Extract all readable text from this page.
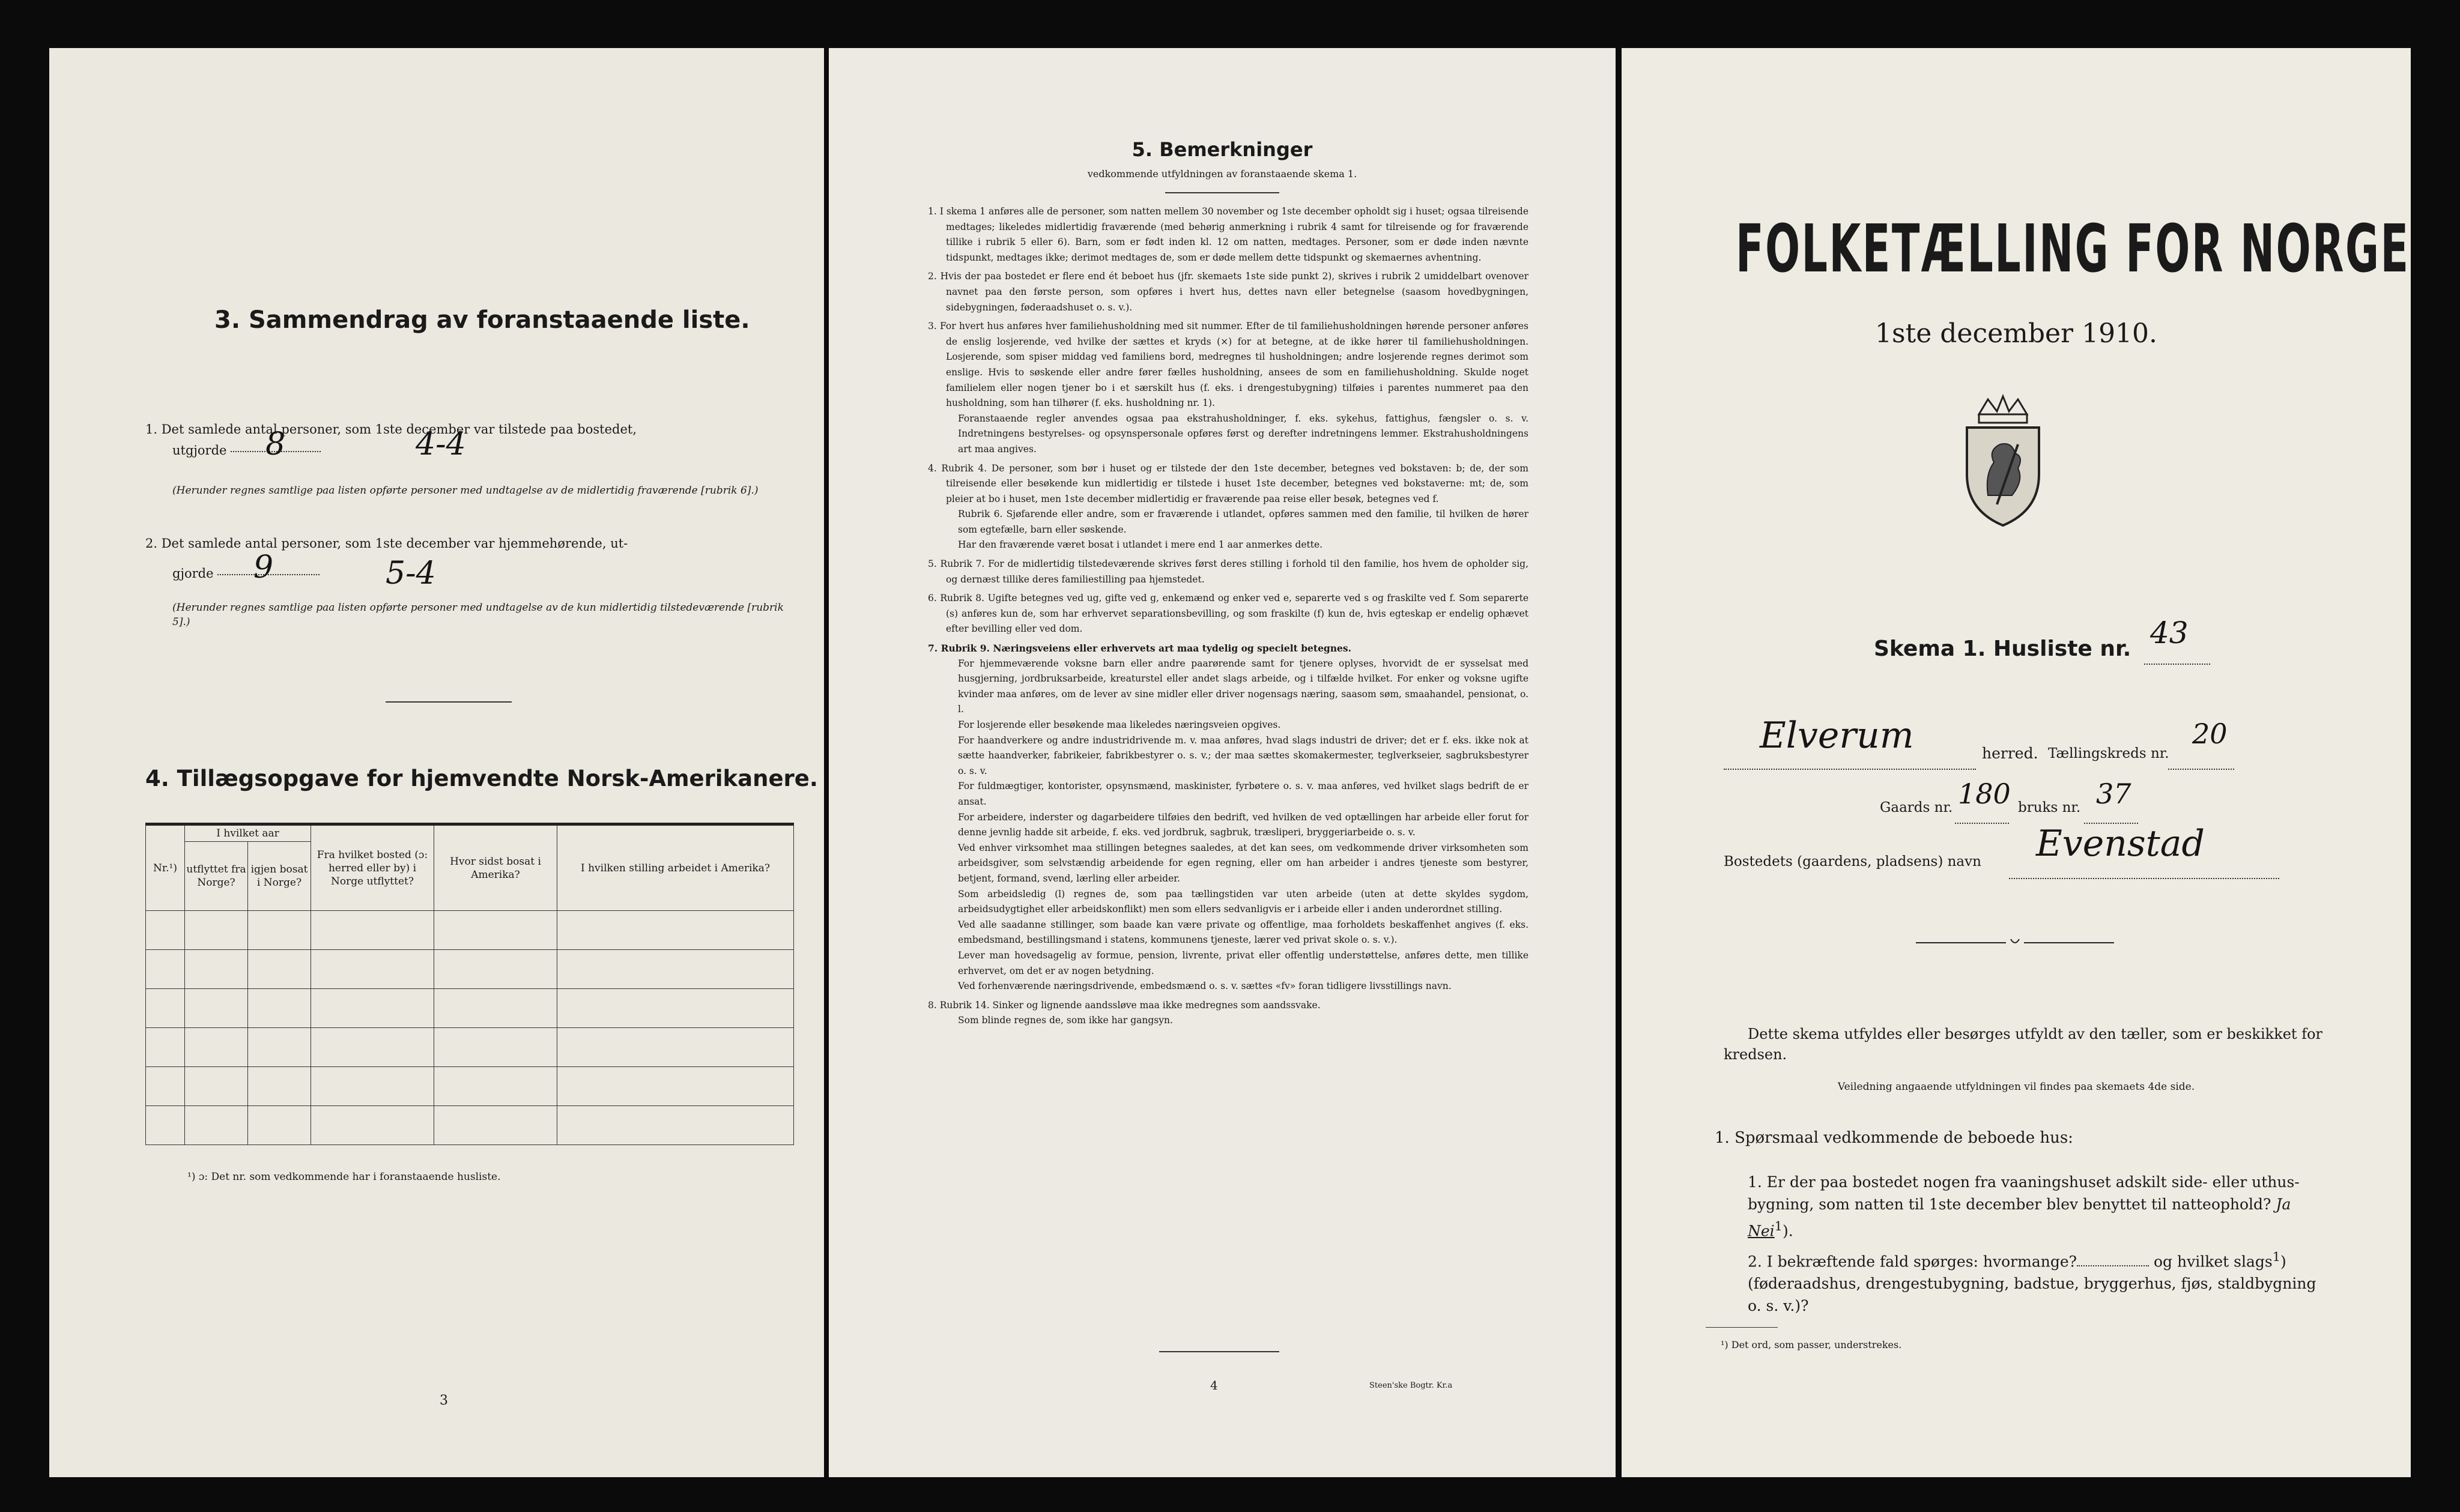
3. Sammendrag av foranstaaende liste.
1. Det samlede antal personer, som 1ste december var tilstede paa bostedet,
utgjorde	8	4-4
(Herunder regnes samtlige paa listen opførte personer med undtagelse av de midlertidig fraværende [rubrik 6].)
2. Det samlede antal personer, som 1ste december var hjemmehørende, ut-
gjorde	9	5-4
(Herunder regnes samtlige paa listen opførte personer med undtagelse av de kun midlertidig tilstedeværende [rubrik 5].)
4. Tillægsopgave for hjemvendte Norsk-Amerikanere.
Nr.¹)	I hvilket aar		Fra hvilket bosted (ɔ: herred eller by) i Norge utflyttet?	Hvor sidst bosat i Amerika?	I hvilken stilling arbeidet i Amerika?
	utflyttet fra Norge?	igjen bosat i Norge?			

¹) ɔ: Det nr. som vedkommende har i foranstaaende husliste.
3
5. Bemerkninger
vedkommende utfyldningen av foranstaaende skema 1.

1. I skema 1 anføres alle de personer, som natten mellem 30 november og 1ste december opholdt sig i huset; ogsaa tilreisende medtages; likeledes midlertidig fraværende (med behørig anmerkning i rubrik 4 samt for tilreisende og for fraværende tillike i rubrik 5 eller 6). Barn, som er født inden kl. 12 om natten, medtages. Personer, som er døde inden nævnte tidspunkt, medtages ikke; derimot medtages de, som er døde mellem dette tidspunkt og skemaernes avhentning.

2. Hvis der paa bostedet er flere end ét beboet hus (jfr. skemaets 1ste side punkt 2), skrives i rubrik 2 umiddelbart ovenover navnet paa den første person, som opføres i hvert hus, dettes navn eller betegnelse (saasom hovedbygningen, sidebygningen, føderaadshuset o. s. v.).

3. For hvert hus anføres hver familiehusholdning med sit nummer. Efter de til familiehusholdningen hørende personer anføres de enslig losjerende, ved hvilke der sættes et kryds (×) for at betegne, at de ikke hører til familiehusholdningen. Losjerende, som spiser middag ved familiens bord, medregnes til husholdningen; andre losjerende regnes derimot som enslige. Hvis to søskende eller andre fører fælles husholdning, ansees de som en familiehusholdning. Skulde noget familielem eller nogen tjener bo i et særskilt hus (f. eks. i drengestubygning) tilføies i parentes nummeret paa den husholdning, som han tilhører (f. eks. husholdning nr. 1).

Foranstaaende regler anvendes ogsaa paa ekstrahusholdninger, f. eks. sykehus, fattighus, fængsler o. s. v. Indretningens bestyrelses- og opsynspersonale opføres først og derefter indretningens lemmer. Ekstrahusholdningens art maa angives.

4. Rubrik 4. De personer, som bør i huset og er tilstede der den 1ste december, betegnes ved bokstaven: b; de, der som tilreisende eller besøkende kun midlertidig er tilstede i huset 1ste december, betegnes ved bokstaverne: mt; de, som pleier at bo i huset, men 1ste december midlertidig er fraværende paa reise eller besøk, betegnes ved f.

Rubrik 6. Sjøfarende eller andre, som er fraværende i utlandet, opføres sammen med den familie, til hvilken de hører som egtefælle, barn eller søskende.

Har den fraværende været bosat i utlandet i mere end 1 aar anmerkes dette.

5. Rubrik 7. For de midlertidig tilstedeværende skrives først deres stilling i forhold til den familie, hos hvem de opholder sig, og dernæst tillike deres familiestilling paa hjemstedet.

6. Rubrik 8. Ugifte betegnes ved ug, gifte ved g, enkemænd og enker ved e, separerte ved s og fraskilte ved f. Som separerte (s) anføres kun de, som har erhvervet separationsbevilling, og som fraskilte (f) kun de, hvis egteskap er endelig ophævet efter bevilling eller ved dom.

7. Rubrik 9. Næringsveiens eller erhvervets art maa tydelig og specielt betegnes.

For hjemmeværende voksne barn eller andre paarørende samt for tjenere oplyses, hvorvidt de er sysselsat med husgjerning, jordbruksarbeide, kreaturstel eller andet slags arbeide, og i tilfælde hvilket. For enker og voksne ugifte kvinder maa anføres, om de lever av sine midler eller driver nogensags næring, saasom søm, smaahandel, pensionat, o. l.

For losjerende eller besøkende maa likeledes næringsveien opgives.

For haandverkere og andre industridrivende m. v. maa anføres, hvad slags industri de driver; det er f. eks. ikke nok at sætte haandverker, fabrikeier, fabrikbestyrer o. s. v.; der maa sættes skomakermester, teglverkseier, sagbruksbestyrer o. s. v.

For fuldmægtiger, kontorister, opsynsmænd, maskinister, fyrbøtere o. s. v. maa anføres, ved hvilket slags bedrift de er ansat.

For arbeidere, inderster og dagarbeidere tilføies den bedrift, ved hvilken de ved optællingen har arbeide eller forut for denne jevnlig hadde sit arbeide, f. eks. ved jordbruk, sagbruk, træsliperi, bryggeriarbeide o. s. v.

Ved enhver virksomhet maa stillingen betegnes saaledes, at det kan sees, om vedkommende driver virksomheten som arbeidsgiver, som selvstændig arbeidende for egen regning, eller om han arbeider i andres tjeneste som bestyrer, betjent, formand, svend, lærling eller arbeider.

Som arbeidsledig (l) regnes de, som paa tællingstiden var uten arbeide (uten at dette skyldes sygdom, arbeidsudygtighet eller arbeidskonflikt) men som ellers sedvanligvis er i arbeide eller i anden underordnet stilling.

Ved alle saadanne stillinger, som baade kan være private og offentlige, maa forholdets beskaffenhet angives (f. eks. embedsmand, bestillingsmand i statens, kommunens tjeneste, lærer ved privat skole o. s. v.).

Lever man hovedsagelig av formue, pension, livrente, privat eller offentlig understøttelse, anføres dette, men tillike erhvervet, om det er av nogen betydning.

Ved forhenværende næringsdrivende, embedsmænd o. s. v. sættes «fv» foran tidligere livsstillings navn.

8. Rubrik 14. Sinker og lignende aandssløve maa ikke medregnes som aandssvake.

Som blinde regnes de, som ikke har gangsyn.

4	Steen'ske Bogtr. Kr.a
FOLKETÆLLING FOR NORGE
1ste december 1910.
Skema 1. Husliste nr. 43
Elverum	herred. Tællingskreds nr.
20
Gaards nr. 180 bruks nr. 37
Bostedets (gaardens, pladsens) navn Evenstad
Dette skema utfyldes eller besørges utfyldt av den tæller, som er beskikket for kredsen.
Veiledning angaaende utfyldningen vil findes paa skemaets 4de side.
1. Spørsmaal vedkommende de beboede hus:
1. Er der paa bostedet nogen fra vaaningshuset adskilt side- eller uthus-bygning, som natten til 1ste december blev benyttet til natteophold? Ja Nei$^1$).
2. I bekræftende fald spørges: hvormange?	og hvilket slags$^1$) (føderaadshus, drengestubygning, badstue, bryggerhus, fjøs, staldbygning o. s. v.)?
¹) Det ord, som passer, understrekes.
